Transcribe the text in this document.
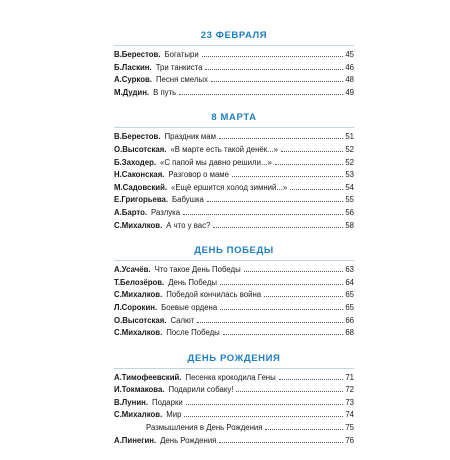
23 ФЕВРАЛЯ
В.Берестов. Богатыри	45
Б.Ласкин. Три танкиста	46
А.Сурков. Песня смелых	48
М.Дудин. В путь	49
8 МАРТА
В.Берестов. Праздник мам	51
О.Высотская. «В марте есть такой денёк...»	52
Б.Заходер. «С папой мы давно решили...»	52
Н.Саконская. Разговор о маме	53
М.Садовский. «Ещё ершится холод зимний...»	54
Е.Григорьева. Бабушка	55
А.Барто. Разлука	56
С.Михалков. А что у вас?	58
ДЕНЬ ПОБЕДЫ
А.Усачёв. Что такое День Победы	63
Т.Белозёров. День Победы	64
С.Михалков. Победой кончилась война	65
Л.Сорокин. Боевые ордена	65
О.Высотская. Салют	66
С.Михалков. После Победы	68
ДЕНЬ РОЖДЕНИЯ
А.Тимофеевский. Песенка крокодила Гены	71
И.Токмакова. Подарили собаку!	72
В.Лунин. Подарки	73
С.Михалков. Мир	74
Размышления в День Рождения	75
А.Пинегин. День Рождения	76
